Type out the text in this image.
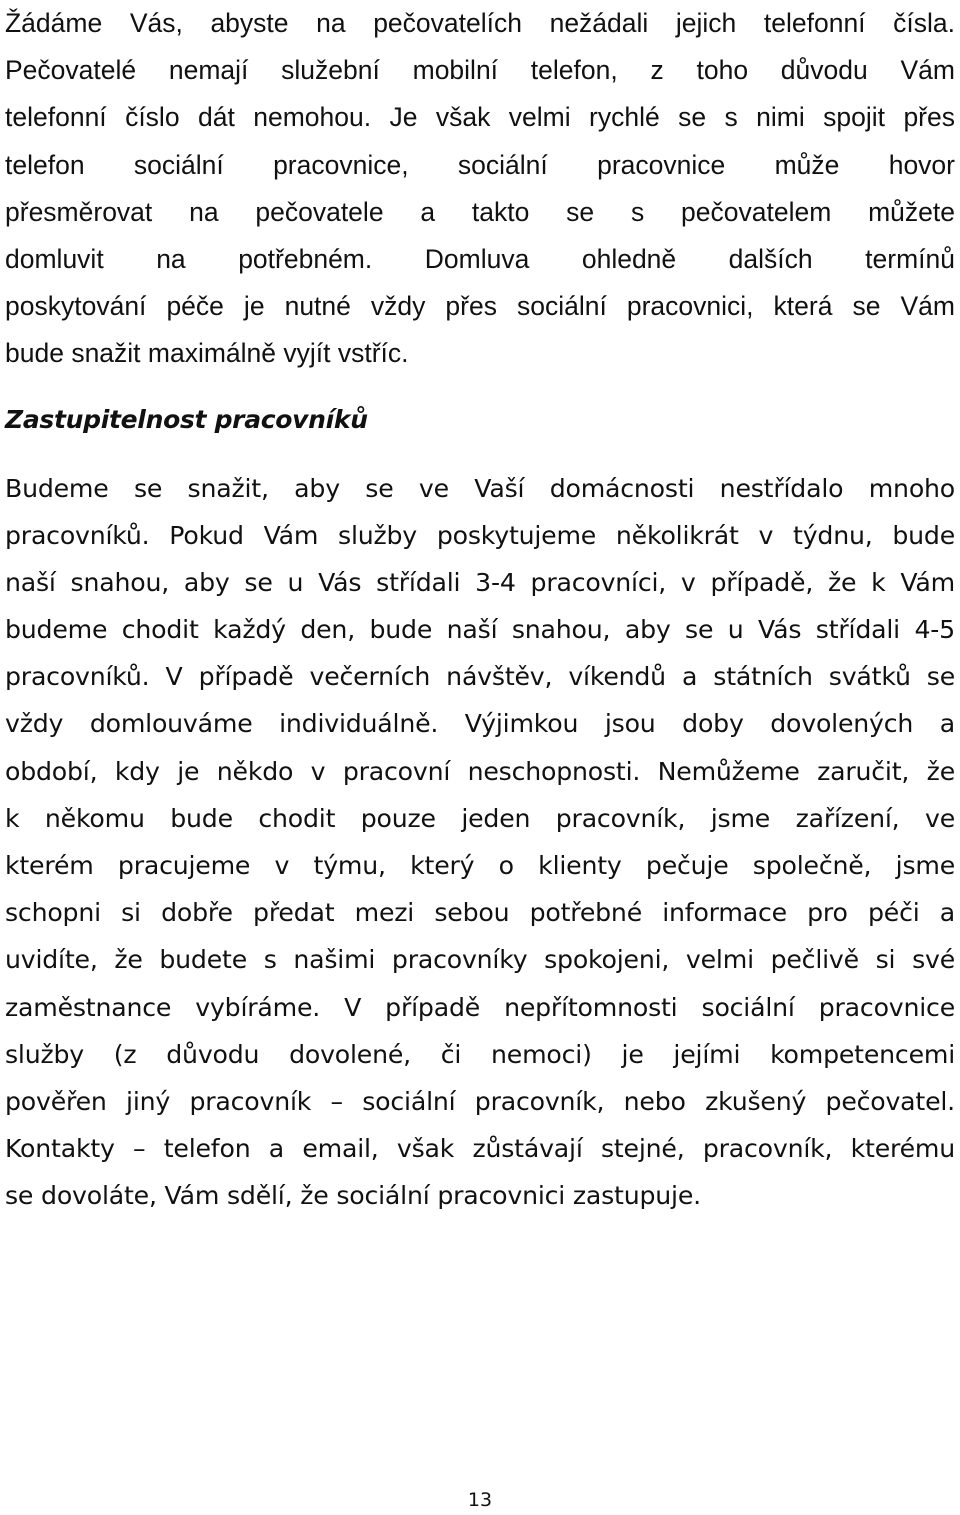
Žádáme Vás, abyste na pečovatelích nežádali jejich telefonní čísla.
Pečovatelé nemají služební mobilní telefon, z toho důvodu Vám
telefonní číslo dát nemohou. Je však velmi rychlé se s nimi spojit přes
telefon sociální pracovnice, sociální pracovnice může hovor
přesměrovat na pečovatele a takto se s pečovatelem můžete
domluvit na potřebném. Domluva ohledně dalších termínů
poskytování péče je nutné vždy přes sociální pracovnici, která se Vám
bude snažit maximálně vyjít vstříc.
Zastupitelnost pracovníků
Budeme se snažit, aby se ve Vaší domácnosti nestřídalo mnoho
pracovníků. Pokud Vám služby poskytujeme několikrát v týdnu, bude
naší snahou, aby se u Vás střídali 3-4 pracovníci, v případě, že k Vám
budeme chodit každý den, bude naší snahou, aby se u Vás střídali 4-5
pracovníků. V případě večerních návštěv, víkendů a státních svátků se
vždy domlouváme individuálně. Výjimkou jsou doby dovolených a
období, kdy je někdo v pracovní neschopnosti. Nemůžeme zaručit, že
k někomu bude chodit pouze jeden pracovník, jsme zařízení, ve
kterém pracujeme v týmu, který o klienty pečuje společně, jsme
schopni si dobře předat mezi sebou potřebné informace pro péči a
uvidíte, že budete s našimi pracovníky spokojeni, velmi pečlivě si své
zaměstnance vybíráme. V případě nepřítomnosti sociální pracovnice
služby (z důvodu dovolené, či nemoci) je jejími kompetencemi
pověřen jiný pracovník – sociální pracovník, nebo zkušený pečovatel.
Kontakty – telefon a email, však zůstávají stejné, pracovník, kterému
se dovoláte, Vám sdělí, že sociální pracovnici zastupuje.
13
